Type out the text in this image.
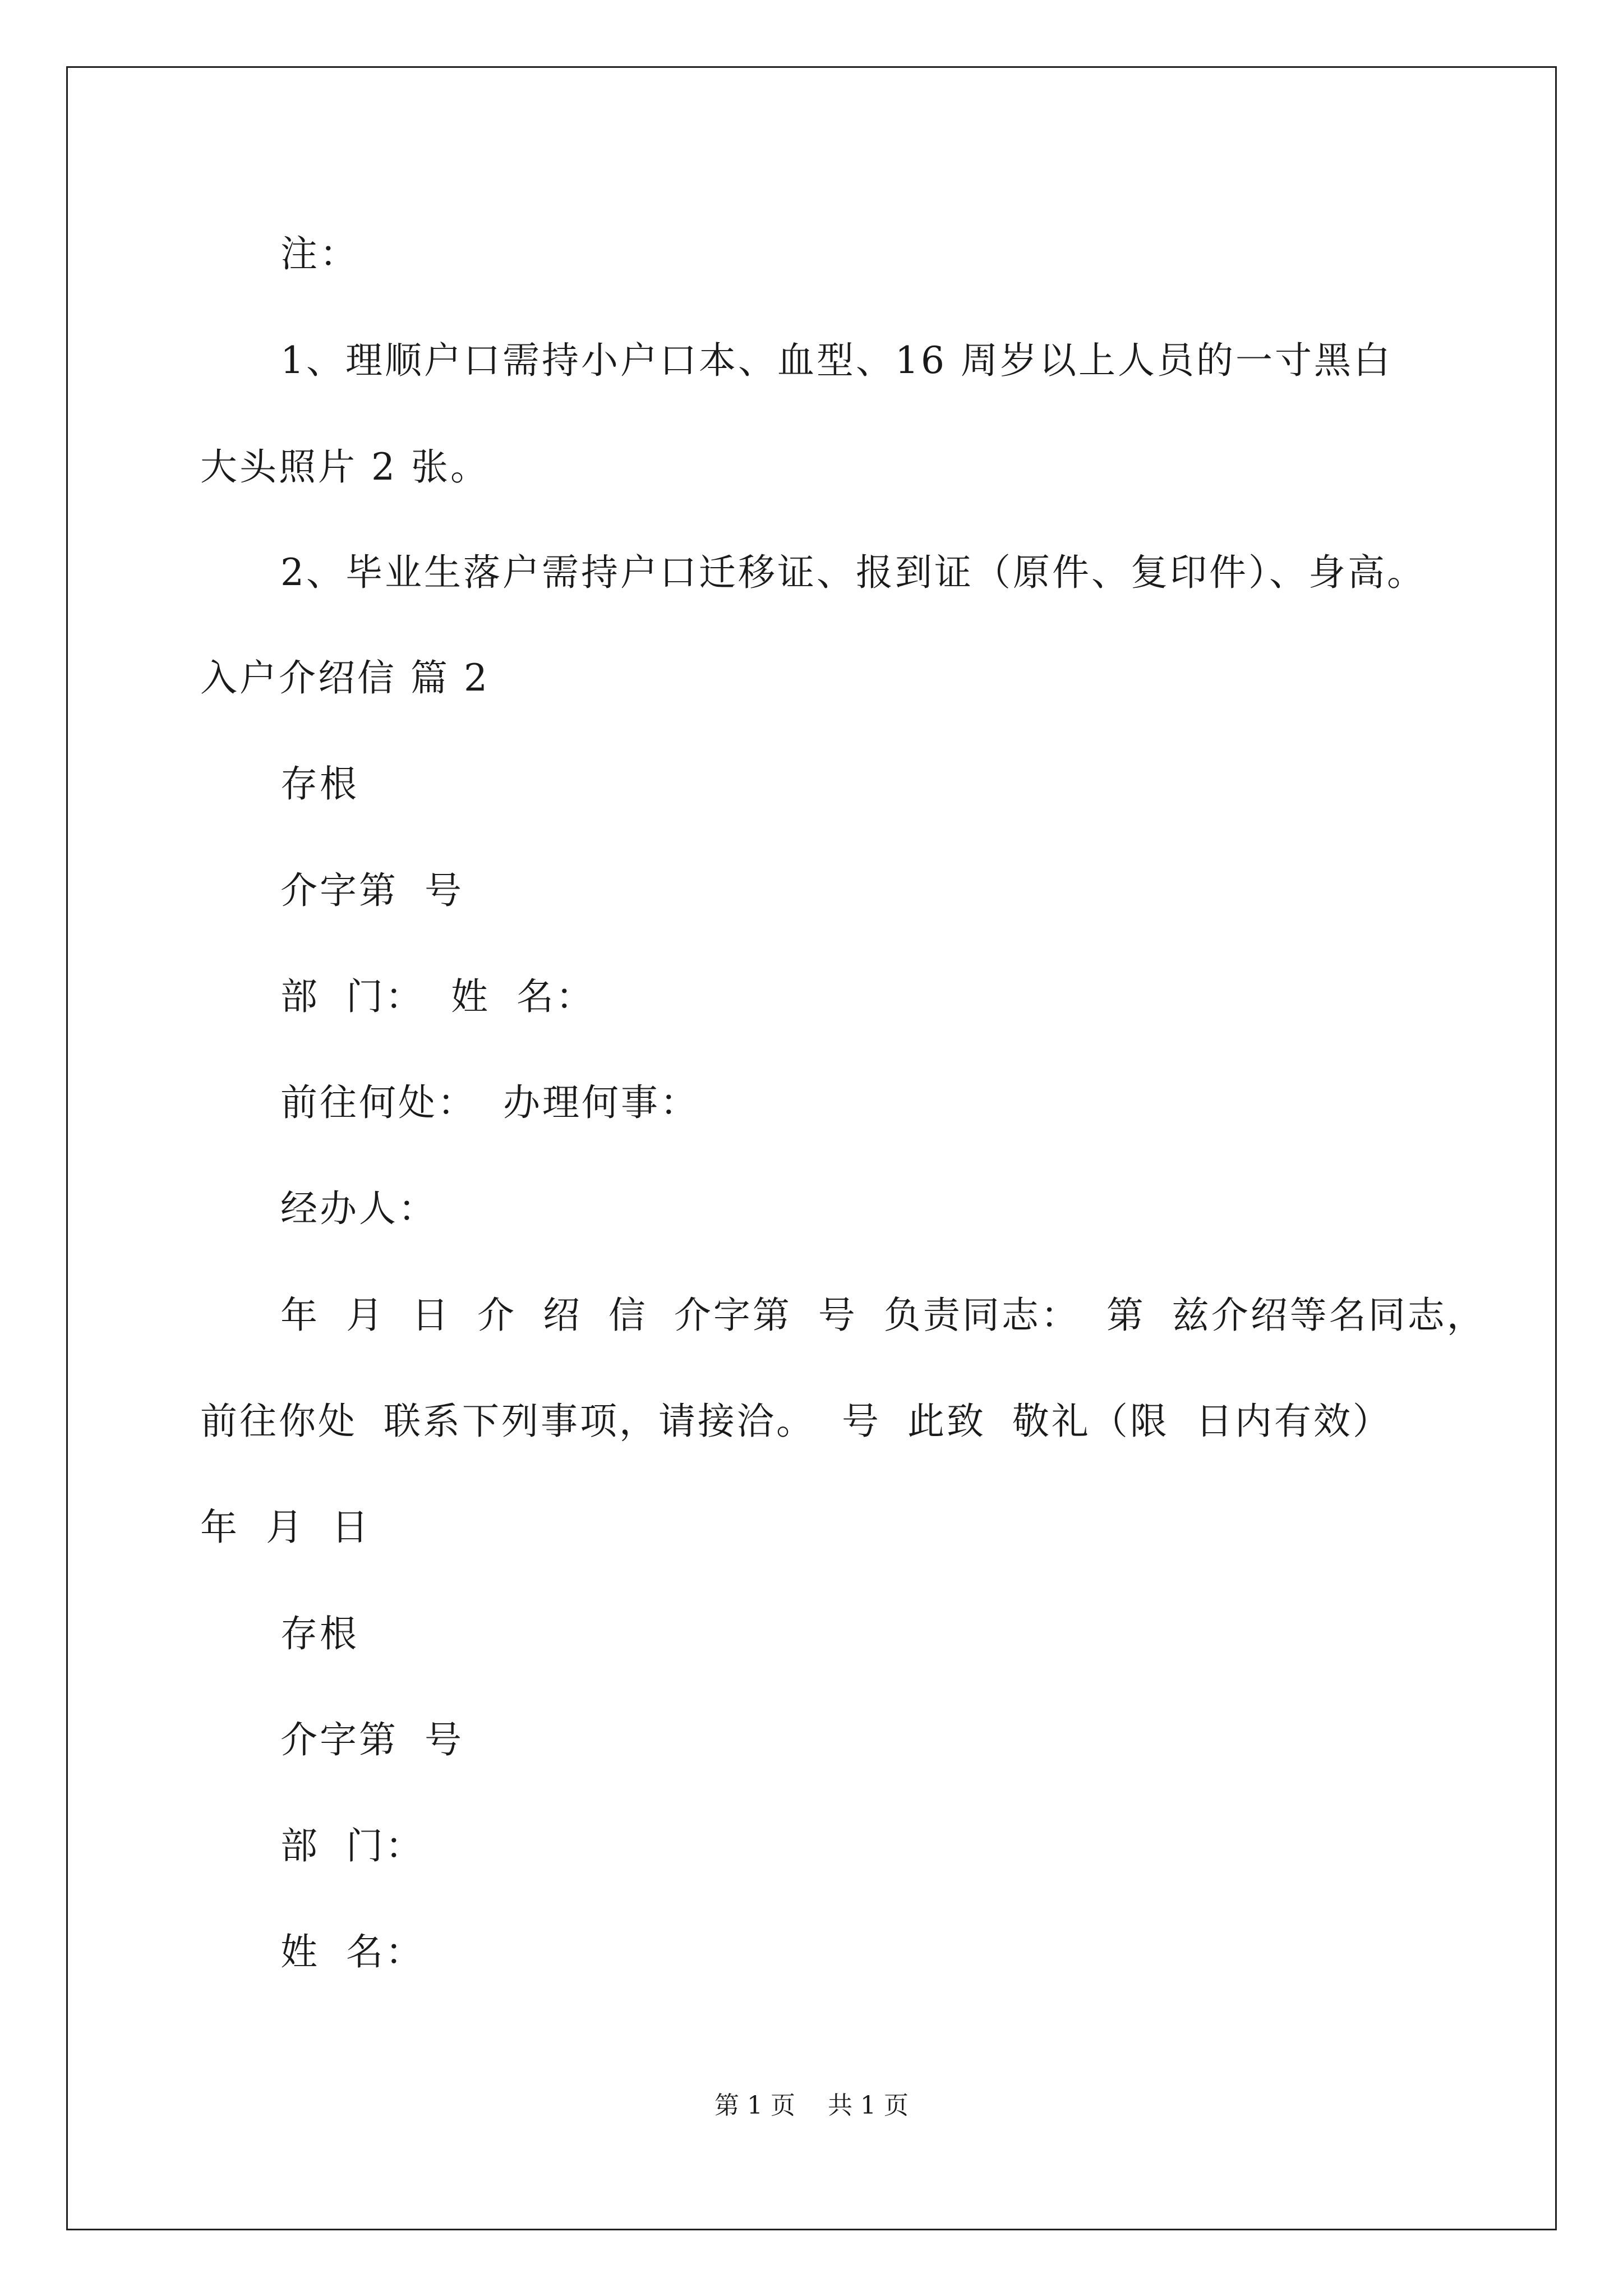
注：
1、理顺户口需持小户口本、血型、16 周岁以上人员的一寸黑白
大头照片 2 张。
2、毕业生落户需持户口迁移证、报到证（原件、复印件）、身高。
入户介绍信 篇 2
存根
介字第 号
部 门： 姓 名：
前往何处： 办理何事：
经办人：
年 月 日 介 绍 信 介字第 号 负责同志： 第 兹介绍等名同志，
前往你处 联系下列事项，请接洽。 号 此致 敬礼（限 日内有效）
年 月 日
存根
介字第 号
部 门：
姓 名：
第 1 页　 共 1 页
